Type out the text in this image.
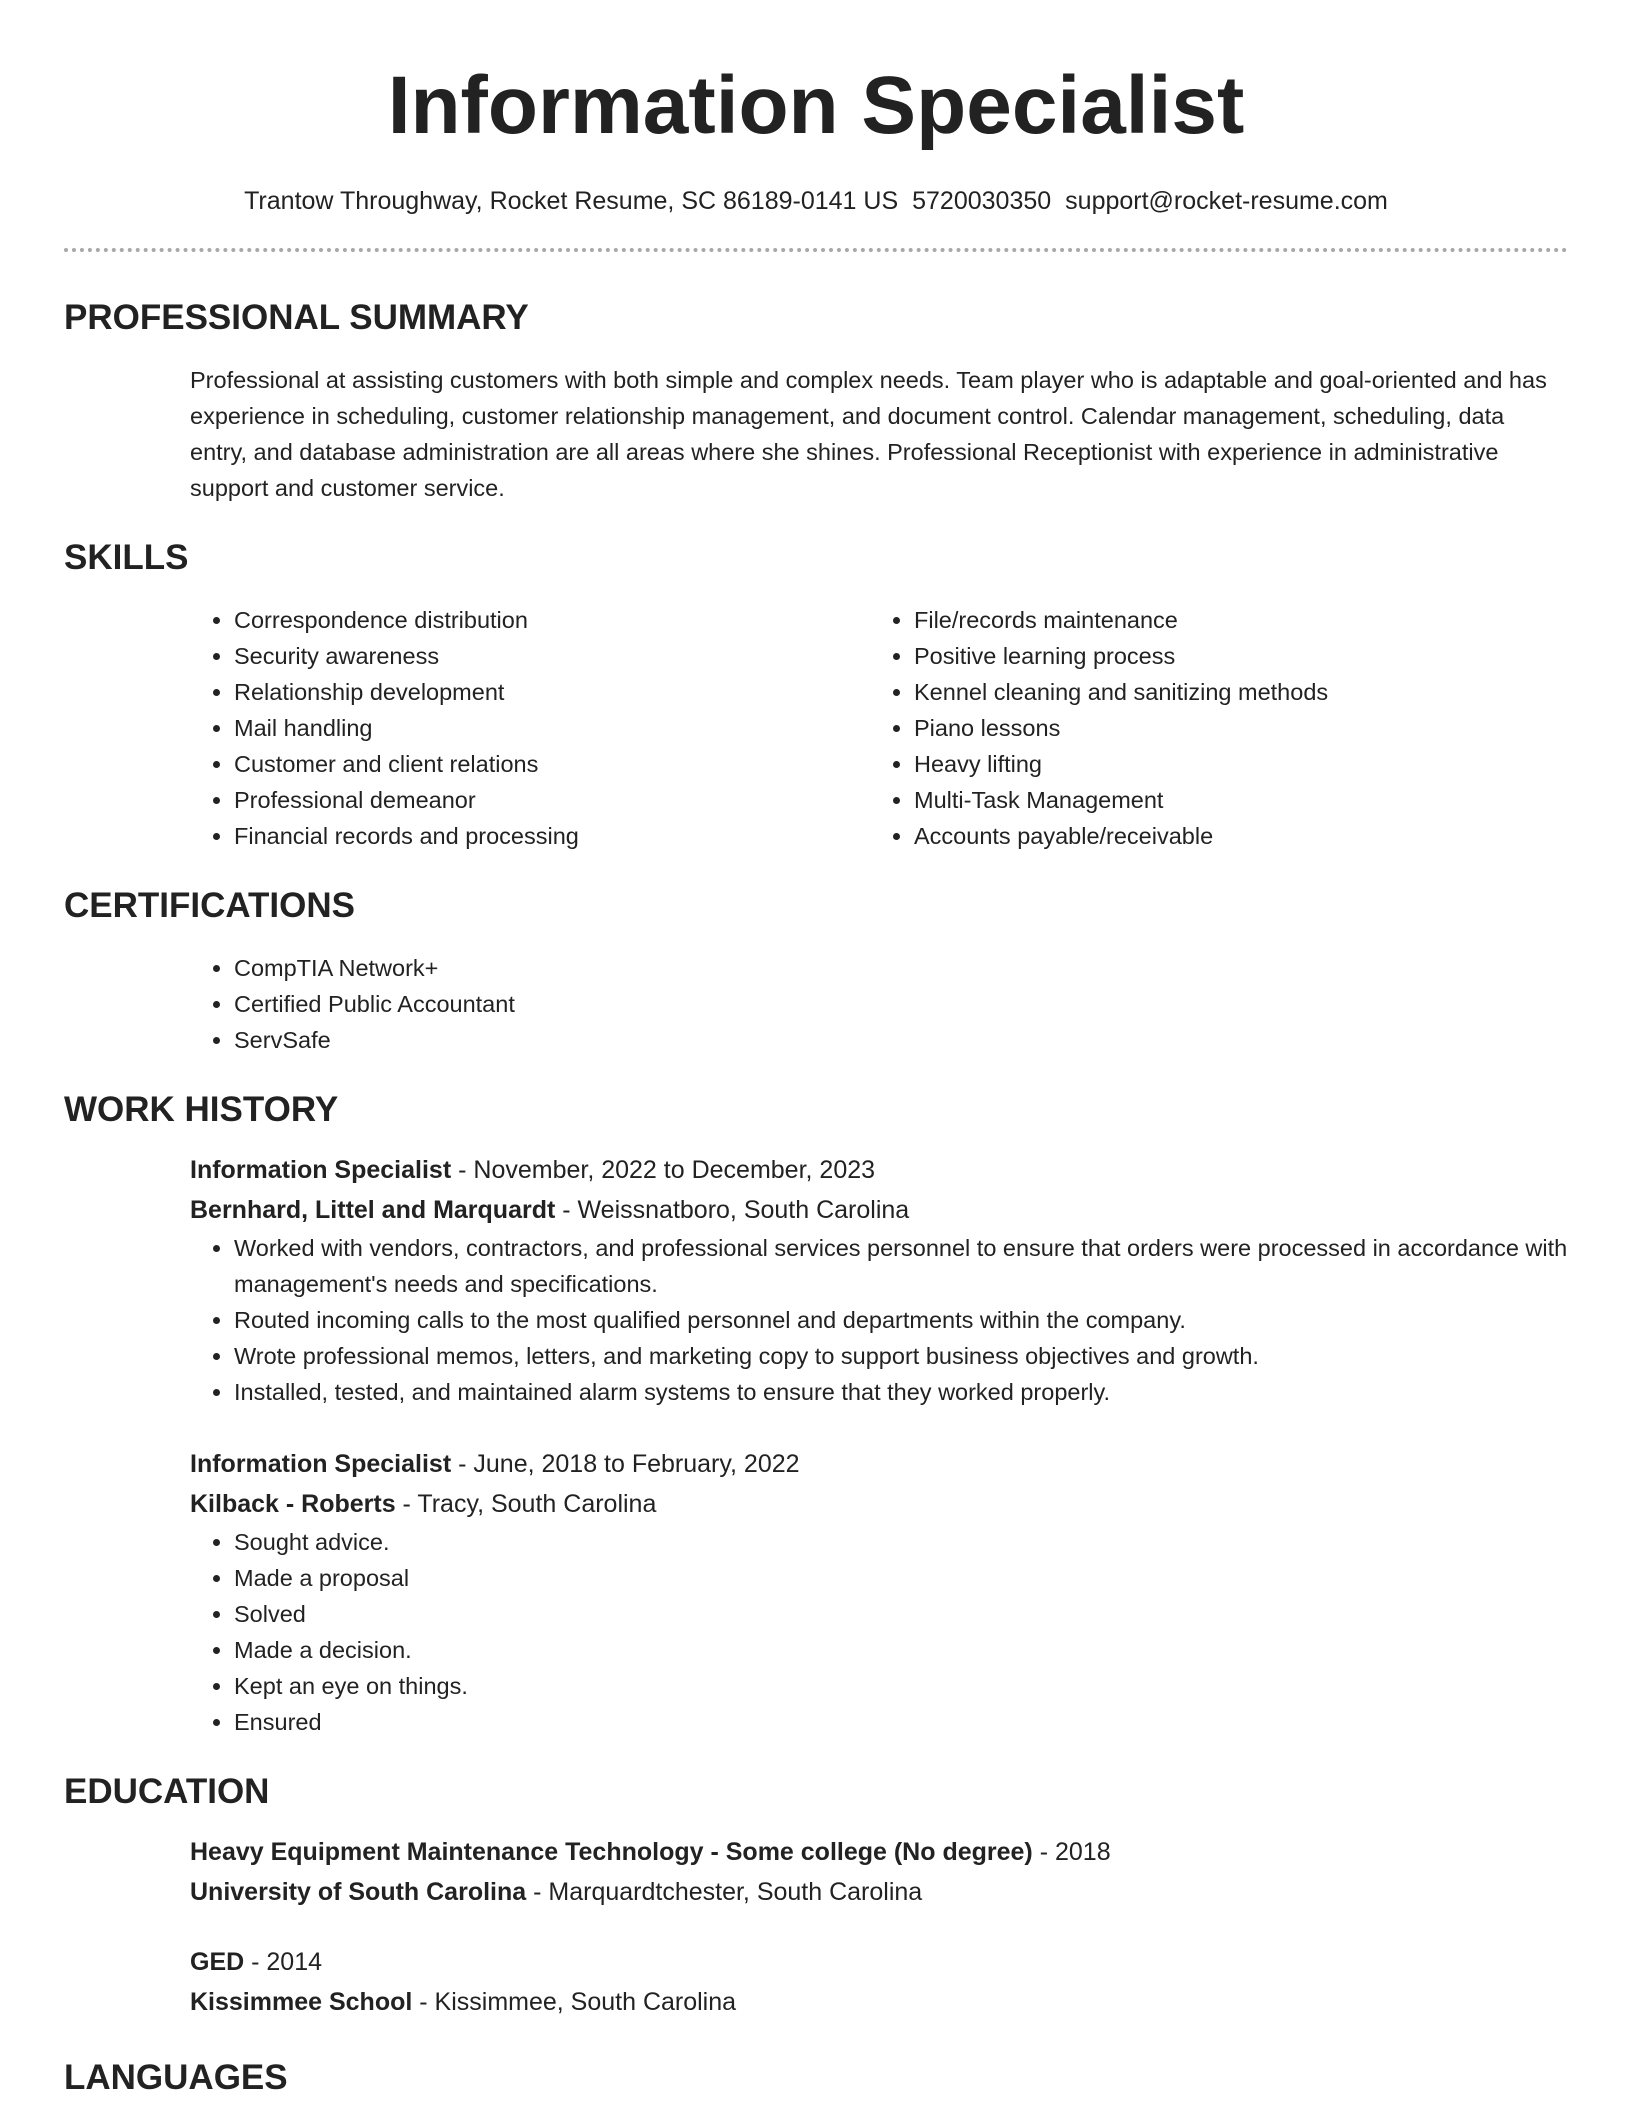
Information Specialist
Trantow Throughway, Rocket Resume, SC 86189-0141 US 5720030350 support@rocket-resume.com
PROFESSIONAL SUMMARY
Professional at assisting customers with both simple and complex needs. Team player who is adaptable and goal-oriented and has experience in scheduling, customer relationship management, and document control. Calendar management, scheduling, data entry, and database administration are all areas where she shines. Professional Receptionist with experience in administrative support and customer service.
SKILLS
• Correspondence distribution
• Security awareness
• Relationship development
• Mail handling
• Customer and client relations
• Professional demeanor
• Financial records and processing
• File/records maintenance
• Positive learning process
• Kennel cleaning and sanitizing methods
• Piano lessons
• Heavy lifting
• Multi-Task Management
• Accounts payable/receivable
CERTIFICATIONS
• CompTIA Network+
• Certified Public Accountant
• ServSafe
WORK HISTORY
Information Specialist - November, 2022 to December, 2023
Bernhard, Littel and Marquardt - Weissnatboro, South Carolina
• Worked with vendors, contractors, and professional services personnel to ensure that orders were processed in accordance with management's needs and specifications.
• Routed incoming calls to the most qualified personnel and departments within the company.
• Wrote professional memos, letters, and marketing copy to support business objectives and growth.
• Installed, tested, and maintained alarm systems to ensure that they worked properly.
Information Specialist - June, 2018 to February, 2022
Kilback - Roberts - Tracy, South Carolina
• Sought advice.
• Made a proposal
• Solved
• Made a decision.
• Kept an eye on things.
• Ensured
EDUCATION
Heavy Equipment Maintenance Technology - Some college (No degree) - 2018
University of South Carolina - Marquardtchester, South Carolina
GED - 2014
Kissimmee School - Kissimmee, South Carolina
LANGUAGES
